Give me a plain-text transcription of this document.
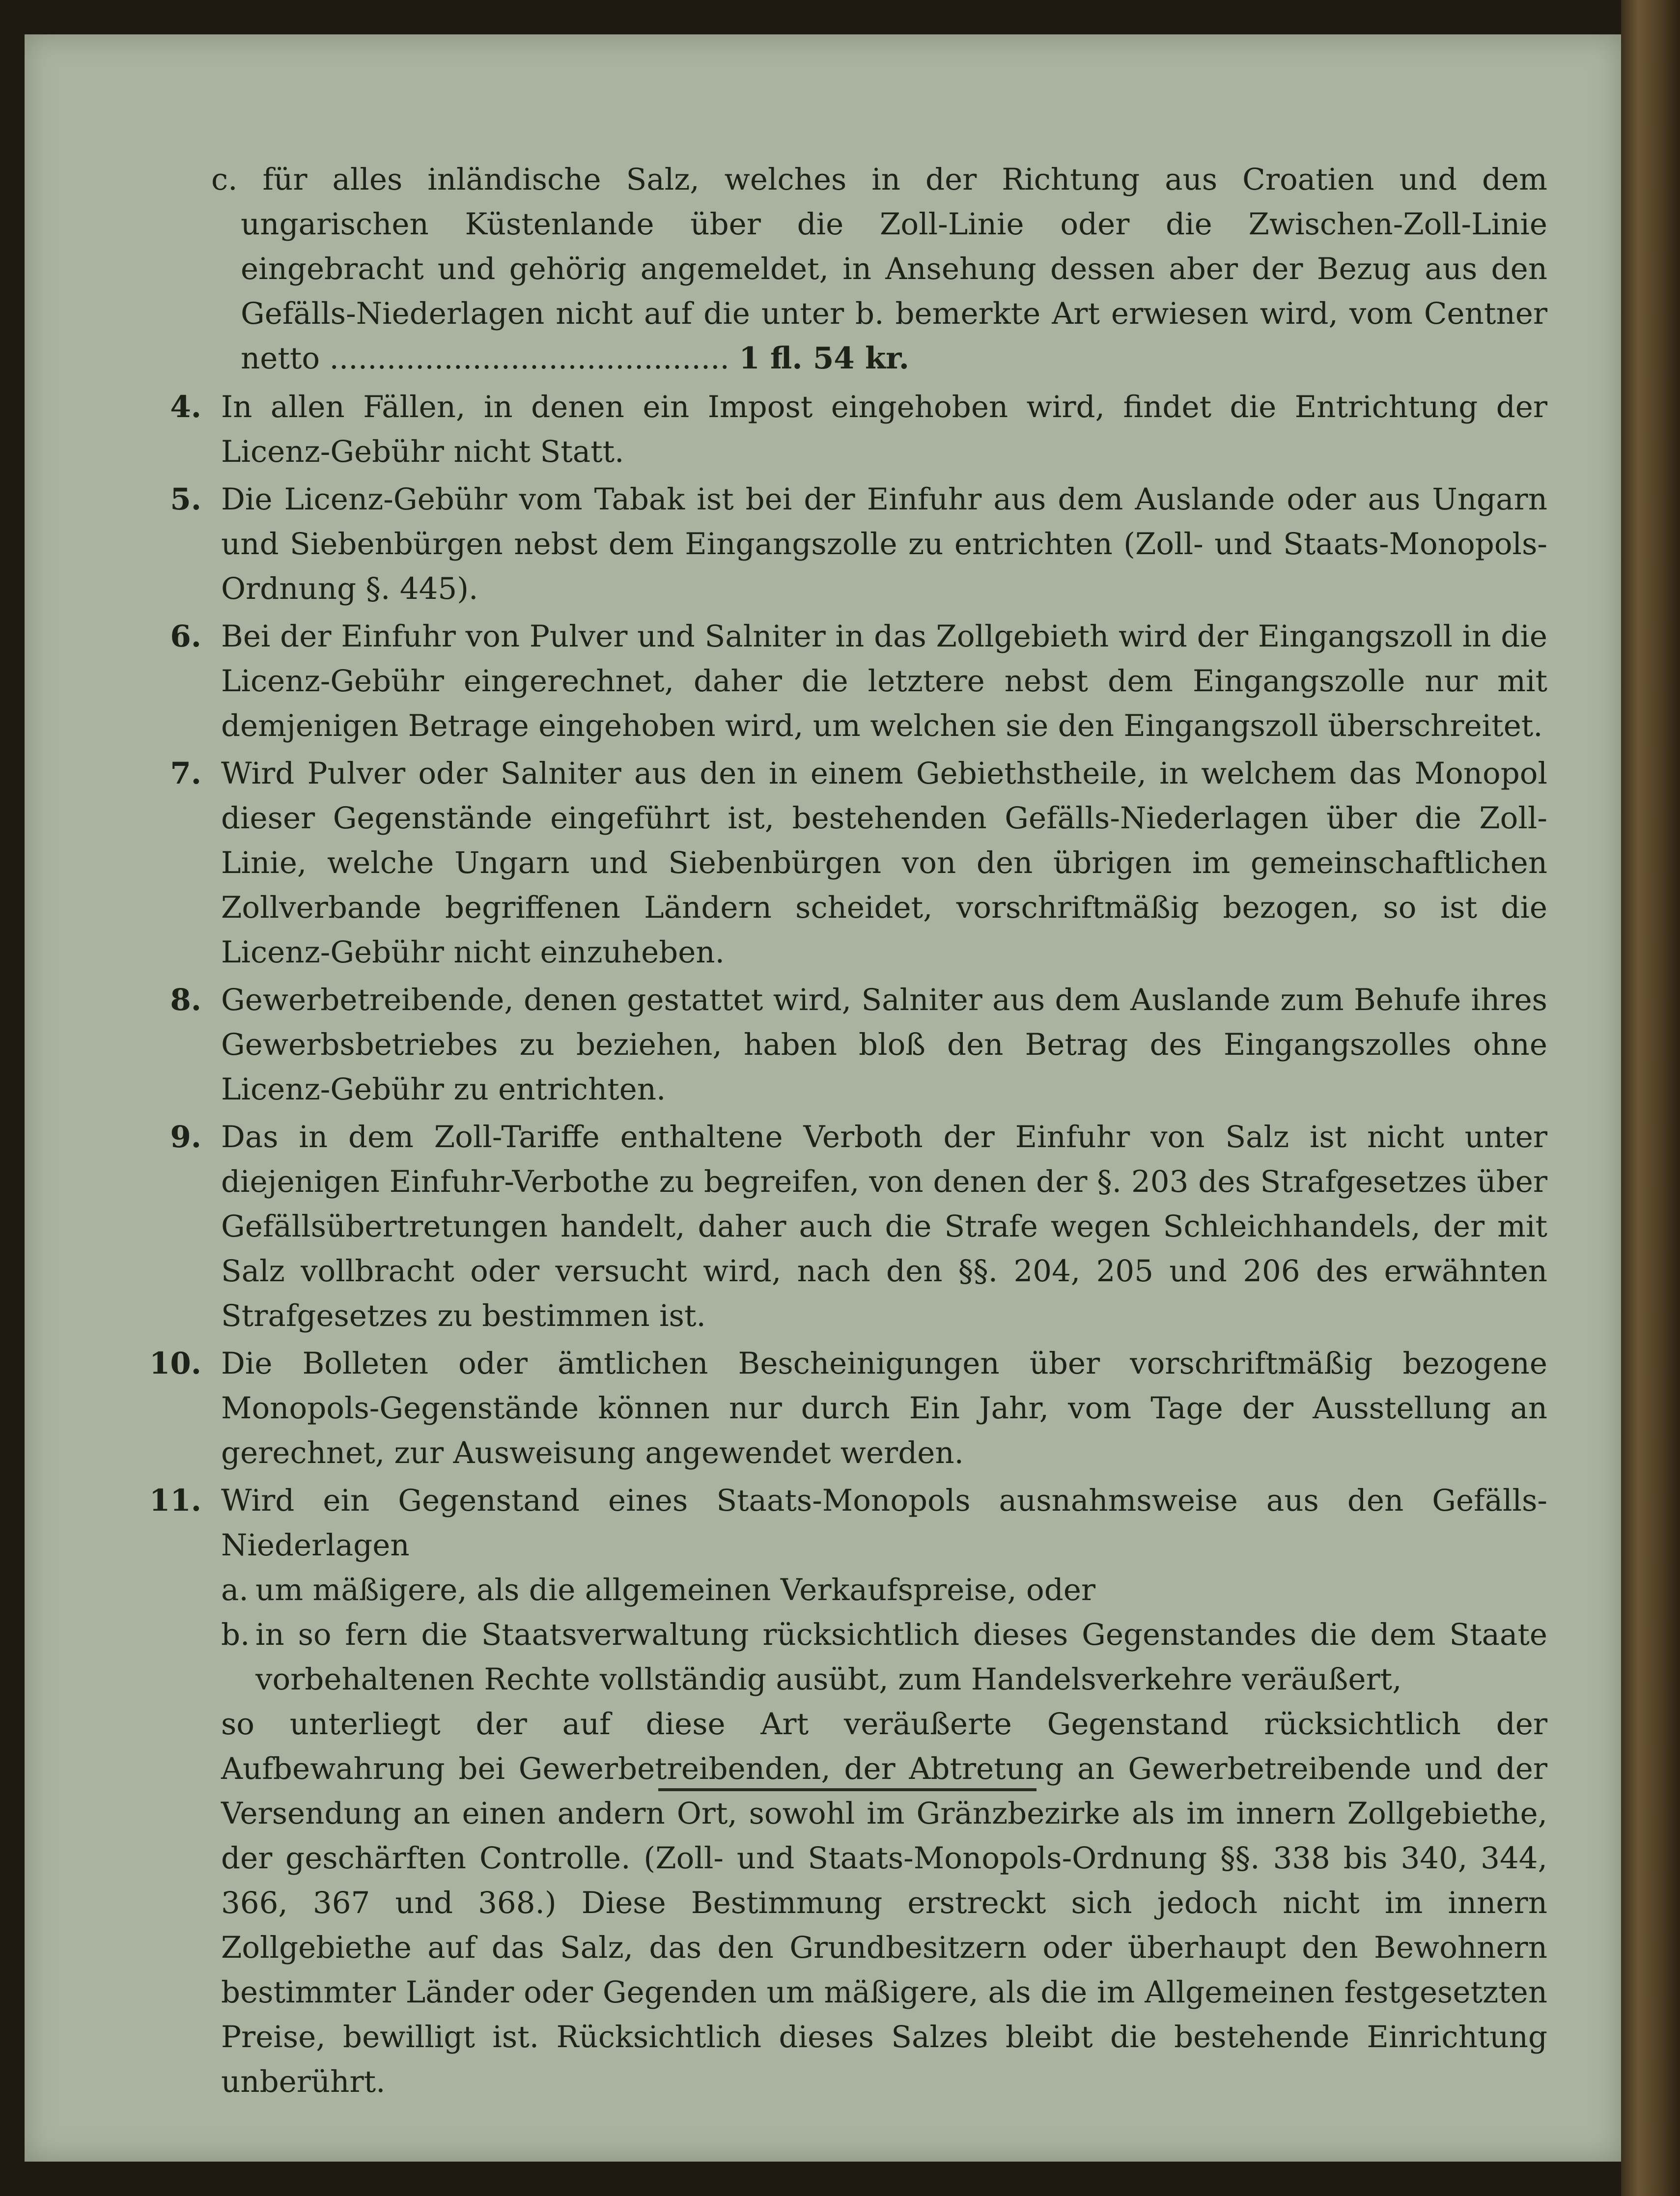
c. für alles inländische Salz, welches in der Richtung aus Croatien und dem ungarischen Küstenlande über die Zoll-Linie oder die Zwischen-Zoll-Linie eingebracht und gehörig angemeldet, in Ansehung dessen aber der Bezug aus den Gefälls-Niederlagen nicht auf die unter b. bemerkte Art erwiesen wird, vom Centner netto .......................................... 1 fl. 54 kr.
4. In allen Fällen, in denen ein Impost eingehoben wird, findet die Entrichtung der Licenz-Gebühr nicht Statt.
5. Die Licenz-Gebühr vom Tabak ist bei der Einfuhr aus dem Auslande oder aus Ungarn und Siebenbürgen nebst dem Eingangszolle zu entrichten (Zoll- und Staats-Monopols-Ordnung §. 445).
6. Bei der Einfuhr von Pulver und Salniter in das Zollgebieth wird der Eingangszoll in die Licenz-Gebühr eingerechnet, daher die letztere nebst dem Eingangszolle nur mit demjenigen Betrage eingehoben wird, um welchen sie den Eingangszoll überschreitet.
7. Wird Pulver oder Salniter aus den in einem Gebiethstheile, in welchem das Monopol dieser Gegenstände eingeführt ist, bestehenden Gefälls-Niederlagen über die Zoll-Linie, welche Ungarn und Siebenbürgen von den übrigen im gemeinschaftlichen Zollverbande begriffenen Ländern scheidet, vorschriftmäßig bezogen, so ist die Licenz-Gebühr nicht einzuheben.
8. Gewerbetreibende, denen gestattet wird, Salniter aus dem Auslande zum Behufe ihres Gewerbsbetriebes zu beziehen, haben bloß den Betrag des Eingangszolles ohne Licenz-Gebühr zu entrichten.
9. Das in dem Zoll-Tariffe enthaltene Verboth der Einfuhr von Salz ist nicht unter diejenigen Einfuhr-Verbothe zu begreifen, von denen der §. 203 des Strafgesetzes über Gefällsübertretungen handelt, daher auch die Strafe wegen Schleichhandels, der mit Salz vollbracht oder versucht wird, nach den §§. 204, 205 und 206 des erwähnten Strafgesetzes zu bestimmen ist.
10. Die Bolleten oder ämtlichen Bescheinigungen über vorschriftmäßig bezogene Monopols-Gegenstände können nur durch Ein Jahr, vom Tage der Ausstellung an gerechnet, zur Ausweisung angewendet werden.
11. Wird ein Gegenstand eines Staats-Monopols ausnahmsweise aus den Gefälls-Niederlagen
a. um mäßigere, als die allgemeinen Verkaufspreise, oder
b. in so fern die Staatsverwaltung rücksichtlich dieses Gegenstandes die dem Staate vorbehaltenen Rechte vollständig ausübt, zum Handelsverkehre veräußert,
so unterliegt der auf diese Art veräußerte Gegenstand rücksichtlich der Aufbewahrung bei Gewerbetreibenden, der Abtretung an Gewerbetreibende und der Versendung an einen andern Ort, sowohl im Gränzbezirke als im innern Zollgebiethe, der geschärften Controlle. (Zoll- und Staats-Monopols-Ordnung §§. 338 bis 340, 344, 366, 367 und 368.) Diese Bestimmung erstreckt sich jedoch nicht im innern Zollgebiethe auf das Salz, das den Grundbesitzern oder überhaupt den Bewohnern bestimmter Länder oder Gegenden um mäßigere, als die im Allgemeinen festgesetzten Preise, bewilligt ist. Rücksichtlich dieses Salzes bleibt die bestehende Einrichtung unberührt.
